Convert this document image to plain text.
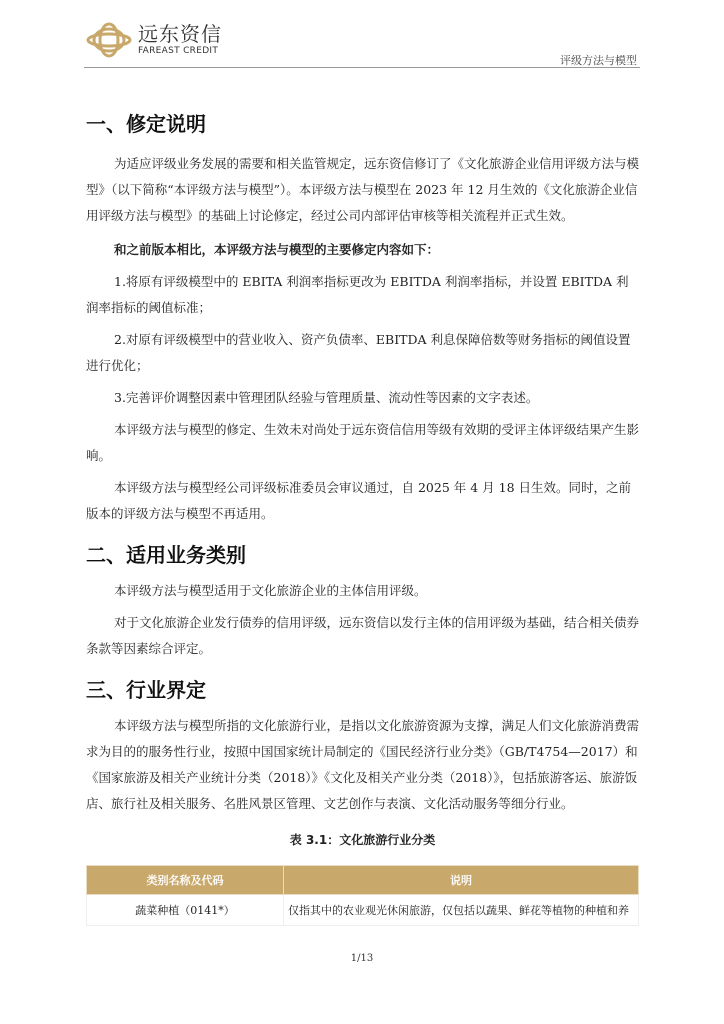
远东资信
FAREAST CREDIT
评级方法与模型
一、修定说明

为适应评级业务发展的需要和相关监管规定，远东资信修订了《文化旅游企业信用评级方法与模型》（以下简称“本评级方法与模型”）。本评级方法与模型在 2023 年 12 月生效的《文化旅游企业信用评级方法与模型》的基础上讨论修定，经过公司内部评估审核等相关流程并正式生效。

和之前版本相比，本评级方法与模型的主要修定内容如下：

1.将原有评级模型中的 EBITA 利润率指标更改为 EBITDA 利润率指标，并设置 EBITDA 利润率指标的阈值标准；

2.对原有评级模型中的营业收入、资产负债率、EBITDA 利息保障倍数等财务指标的阈值设置进行优化；

3.完善评价调整因素中管理团队经验与管理质量、流动性等因素的文字表述。

本评级方法与模型的修定、生效未对尚处于远东资信信用等级有效期的受评主体评级结果产生影响。

本评级方法与模型经公司评级标准委员会审议通过，自 2025 年 4 月 18 日生效。同时，之前版本的评级方法与模型不再适用。

二、适用业务类别

本评级方法与模型适用于文化旅游企业的主体信用评级。

对于文化旅游企业发行债券的信用评级，远东资信以发行主体的信用评级为基础，结合相关债券条款等因素综合评定。

三、行业界定

本评级方法与模型所指的文化旅游行业，是指以文化旅游资源为支撑，满足人们文化旅游消费需求为目的的服务性行业，按照中国国家统计局制定的《国民经济行业分类》（GB/T4754—2017）和《国家旅游及相关产业统计分类（2018）》《文化及相关产业分类（2018）》，包括旅游客运、旅游饭店、旅行社及相关服务、名胜风景区管理、文艺创作与表演、文化活动服务等细分行业。

表 3.1：文化旅游行业分类

类别名称及代码	说明
蔬菜种植（0141*）	仅指其中的农业观光休闲旅游，仅包括以蔬果、鲜花等植物的种植和养
1/13
